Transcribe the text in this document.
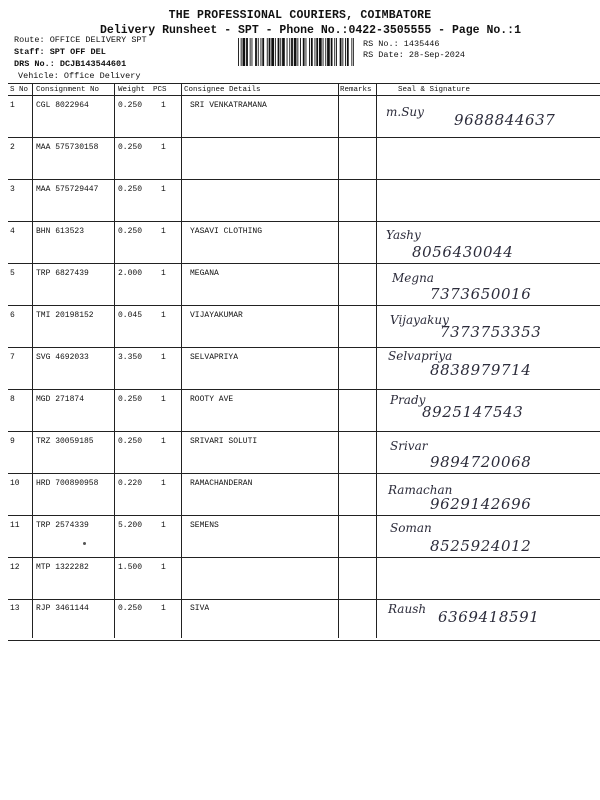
THE PROFESSIONAL COURIERS, COIMBATORE
Delivery Runsheet - SPT - Phone No.:0422-3505555 - Page No.:1
Route: OFFICE DELIVERY SPT
Staff: SPT OFF DEL
DRS No.: DCJB143544601
Vehicle: Office Delivery
RS No.: 1435446
RS Date: 28-Sep-2024
S No Consignment No	Weight PCS Consignee Details	Remarks	Seal & Signature
1	CGL 8022964	0.250 1	SRI VENKATRAMANA	m.Suy 9688844637
2	MAA 575730158 0.250 1
3	MAA 575729447 0.250 1
4	BHN 613523	0.250 1	YASAVI CLOTHING	Yashy
8056430044
5	TRP 6827439	2.000 1	MEGANA	Megna
7373650016
6	TMI 20198152	0.045 1	VIJAYAKUMAR	Vijayakuy
7373753353
7	SVG 4692033	3.350 1	SELVAPRIYA	Selvapriya
8838979714
8	MGD 271874	0.250 1	ROOTY AVE	Prady
8925147543
9	TRZ 30059185	0.250 1	SRIVARI SOLUTI	Srivar
9894720068
10 HRD 700890958 0.220 1	RAMACHANDERAN	Ramachan
9629142696
11 TRP 2574339	5.200 1	SEMENS	Soman
8525924012
12 MTP 1322282	1.500 1
13 RJP 3461144	0.250 1	SIVA	Raush 6369418591
